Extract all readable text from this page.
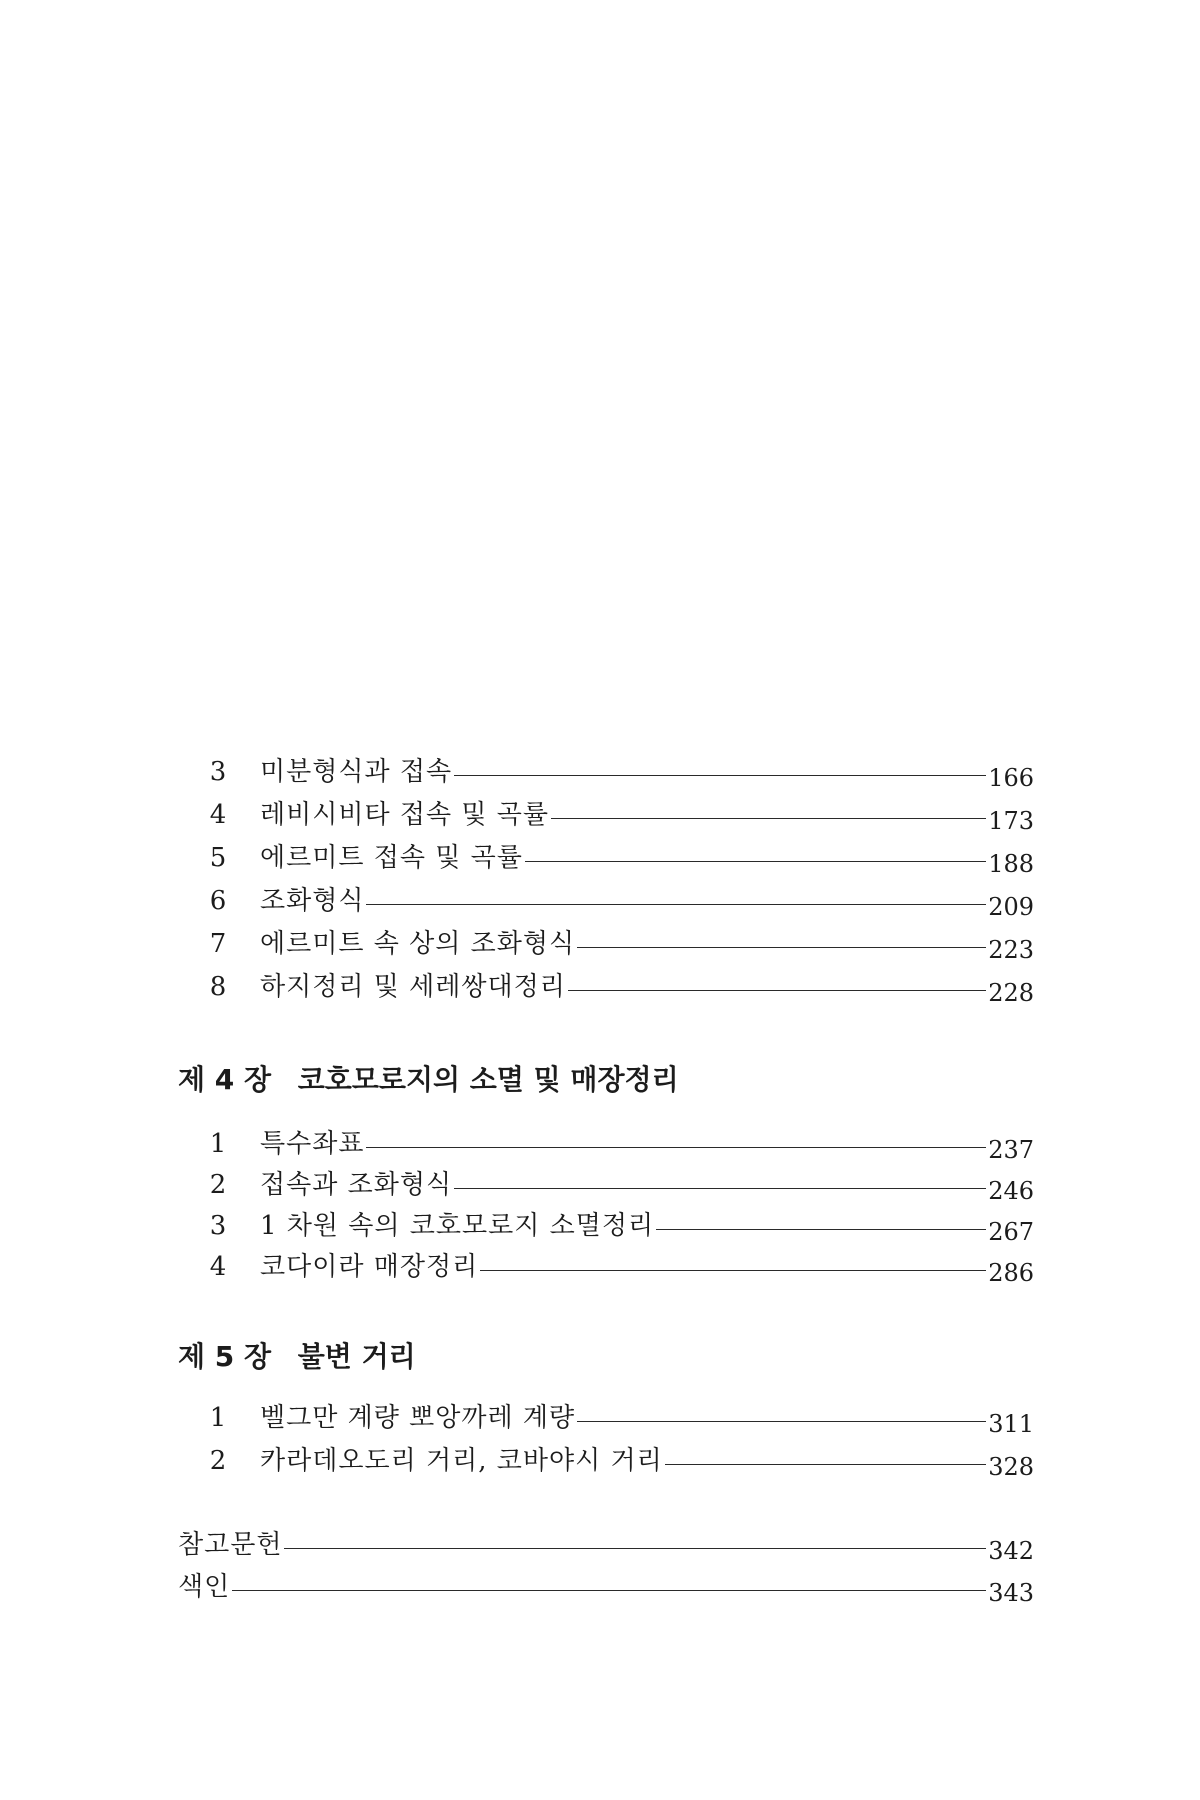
3	미분형식과 접속	166
4	레비시비타 접속 및 곡률	173
5	에르미트 접속 및 곡률	188
6	조화형식	209
7	에르미트 속 상의 조화형식	223
8	하지정리 및 세레쌍대정리	228
제 4 장 코호모로지의 소멸 및 매장정리
1	특수좌표	237
2	접속과 조화형식	246
3	1 차원 속의 코호모로지 소멸정리	267
4	코다이라 매장정리	286
제 5 장 불변 거리
1	벨그만 계량 뽀앙까레 계량	311
2	카라데오도리 거리, 코바야시 거리	328
참고문헌	342
색인	343
